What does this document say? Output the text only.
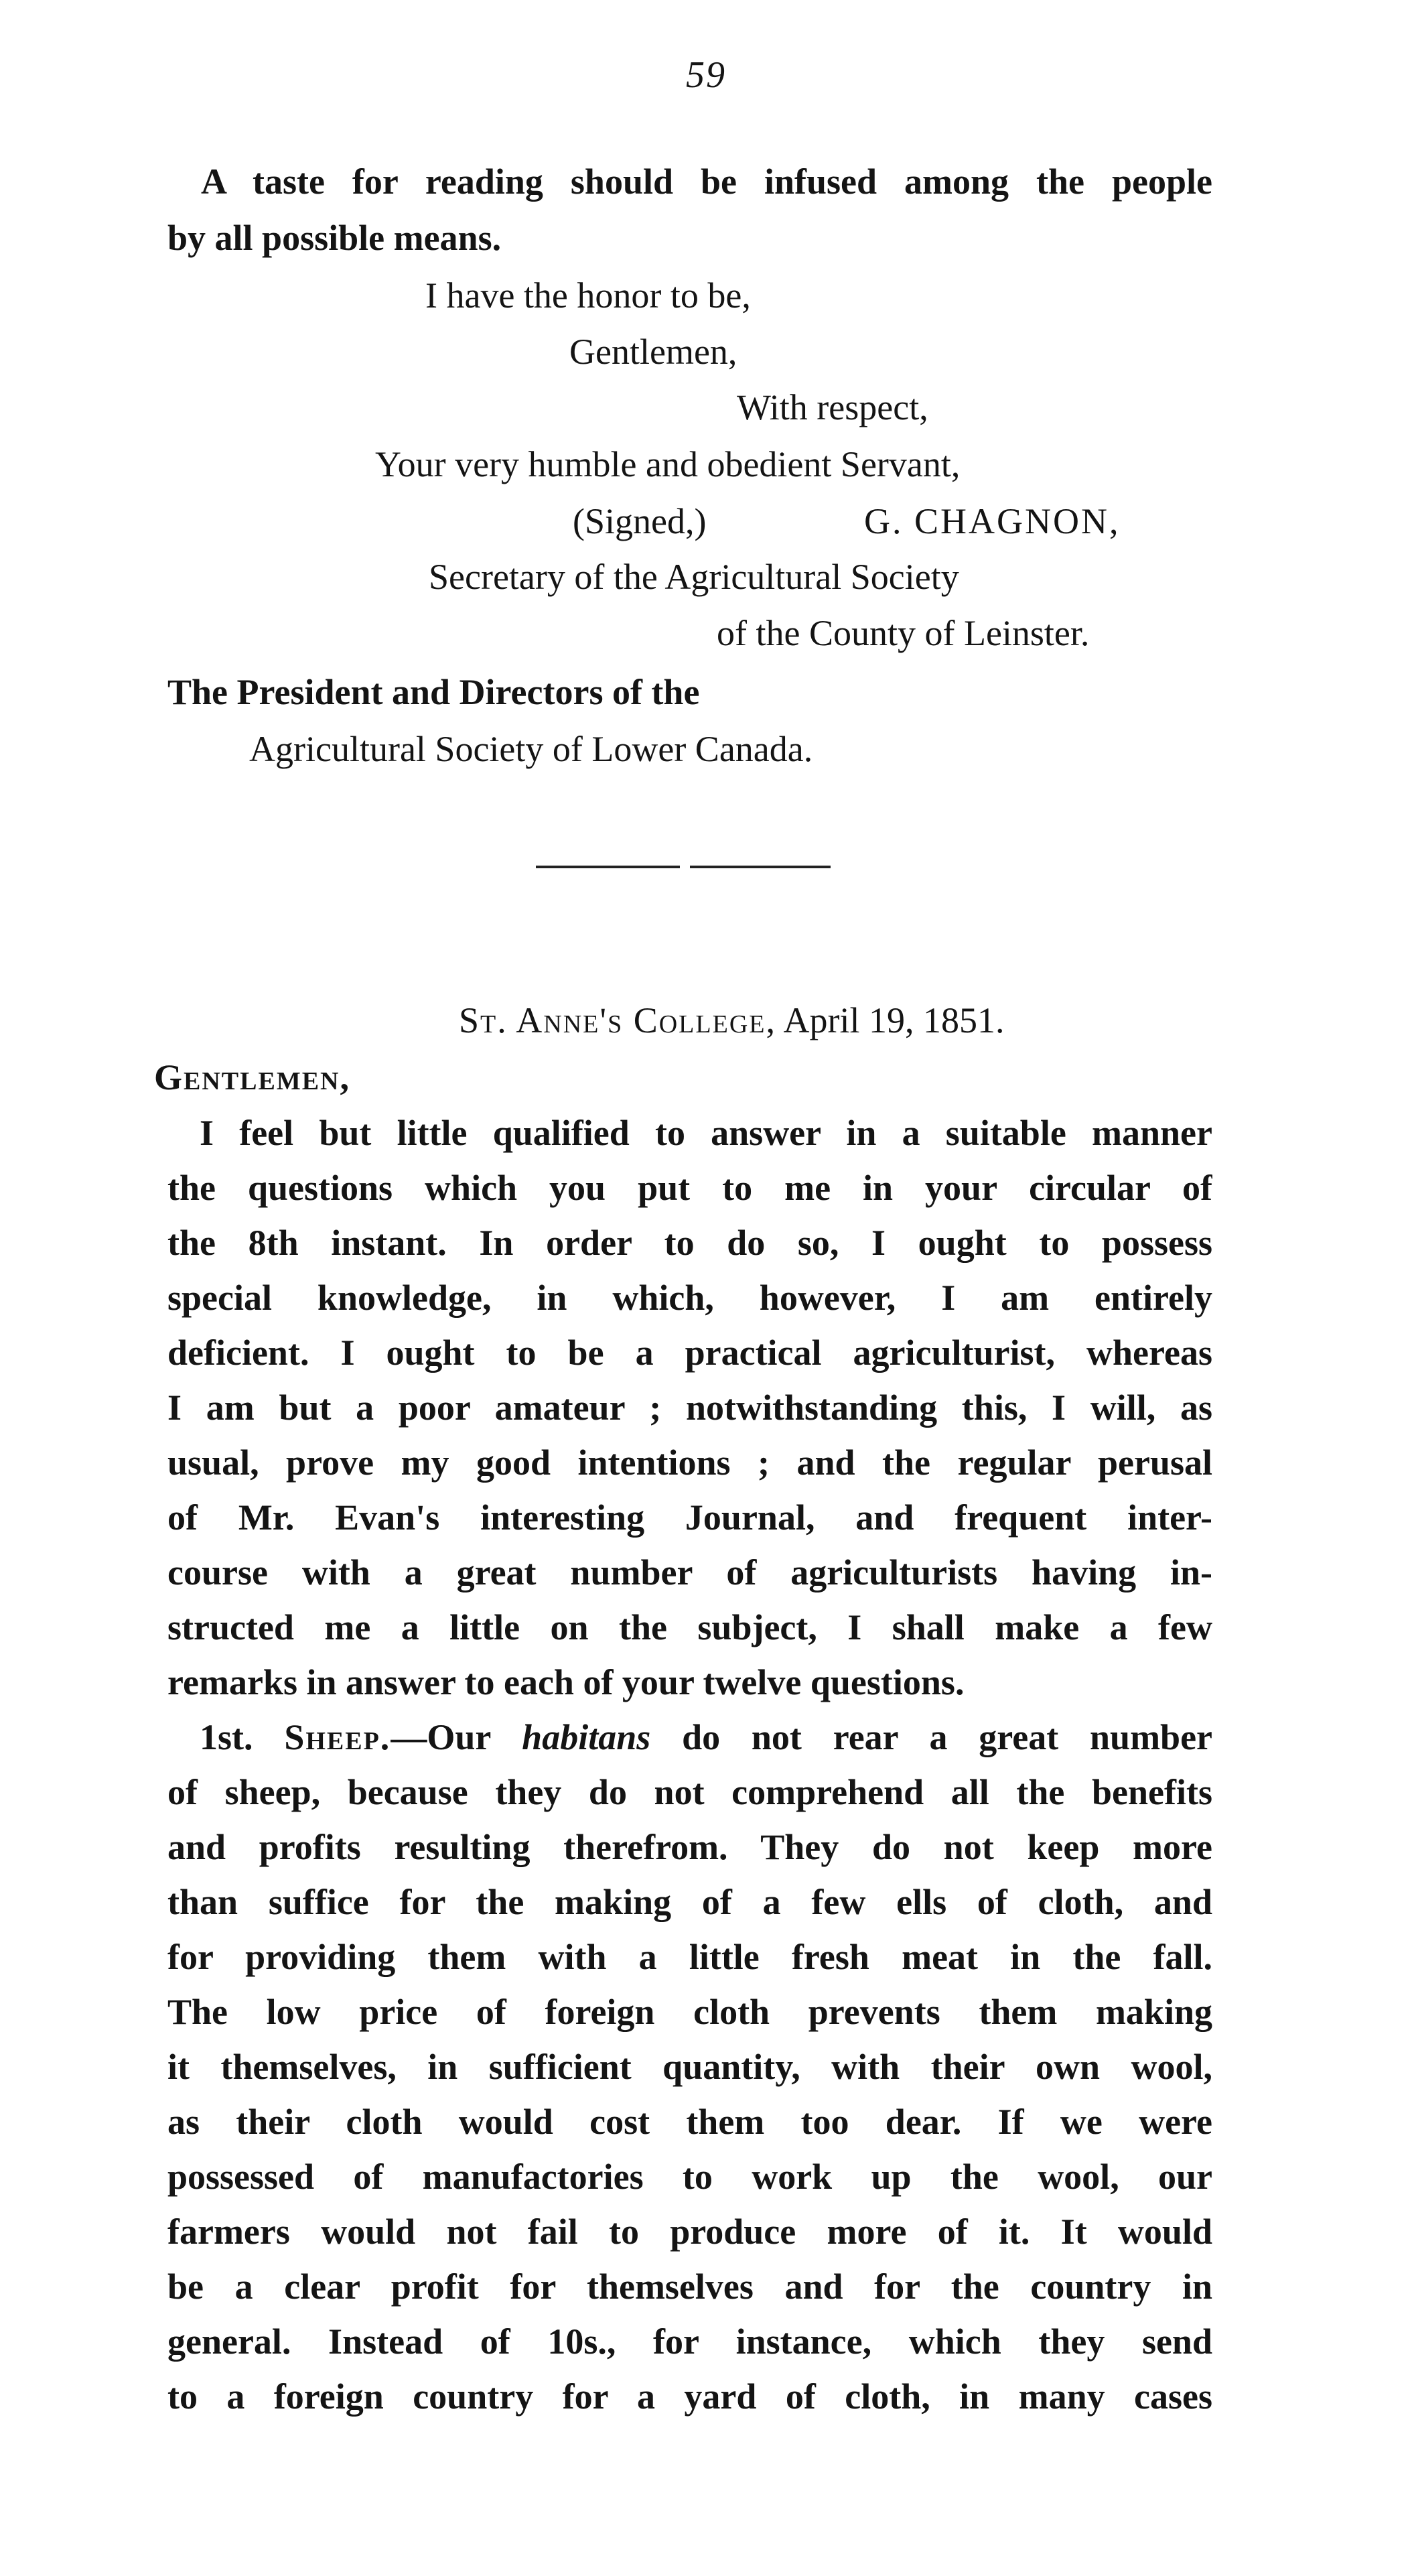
59
A taste for reading should be infused among the people
by all possible means.
I have the honor to be,
Gentlemen,
With respect,
Your very humble and obedient Servant,
(Signed,)	G. CHAGNON,
Secretary of the Agricultural Society
of the County of Leinster.
The President and Directors of the
Agricultural Society of Lower Canada.
St. Anne's College, April 19, 1851.
Gentlemen,
I feel but little qualified to answer in a suitable manner
the questions which you put to me in your circular of
the 8th instant. In order to do so, I ought to possess
special knowledge, in which, however, I am entirely
deficient. I ought to be a practical agriculturist, whereas
I am but a poor amateur ; notwithstanding this, I will, as
usual, prove my good intentions ; and the regular perusal
of Mr. Evan's interesting Journal, and frequent inter-
course with a great number of agriculturists having in-
structed me a little on the subject, I shall make a few
remarks in answer to each of your twelve questions.
1st. Sheep.—Our habitans do not rear a great number
of sheep, because they do not comprehend all the benefits
and profits resulting therefrom. They do not keep more
than suffice for the making of a few ells of cloth, and
for providing them with a little fresh meat in the fall.
The low price of foreign cloth prevents them making
it themselves, in sufficient quantity, with their own wool,
as their cloth would cost them too dear. If we were
possessed of manufactories to work up the wool, our
farmers would not fail to produce more of it. It would
be a clear profit for themselves and for the country in
general. Instead of 10s., for instance, which they send
to a foreign country for a yard of cloth, in many cases
